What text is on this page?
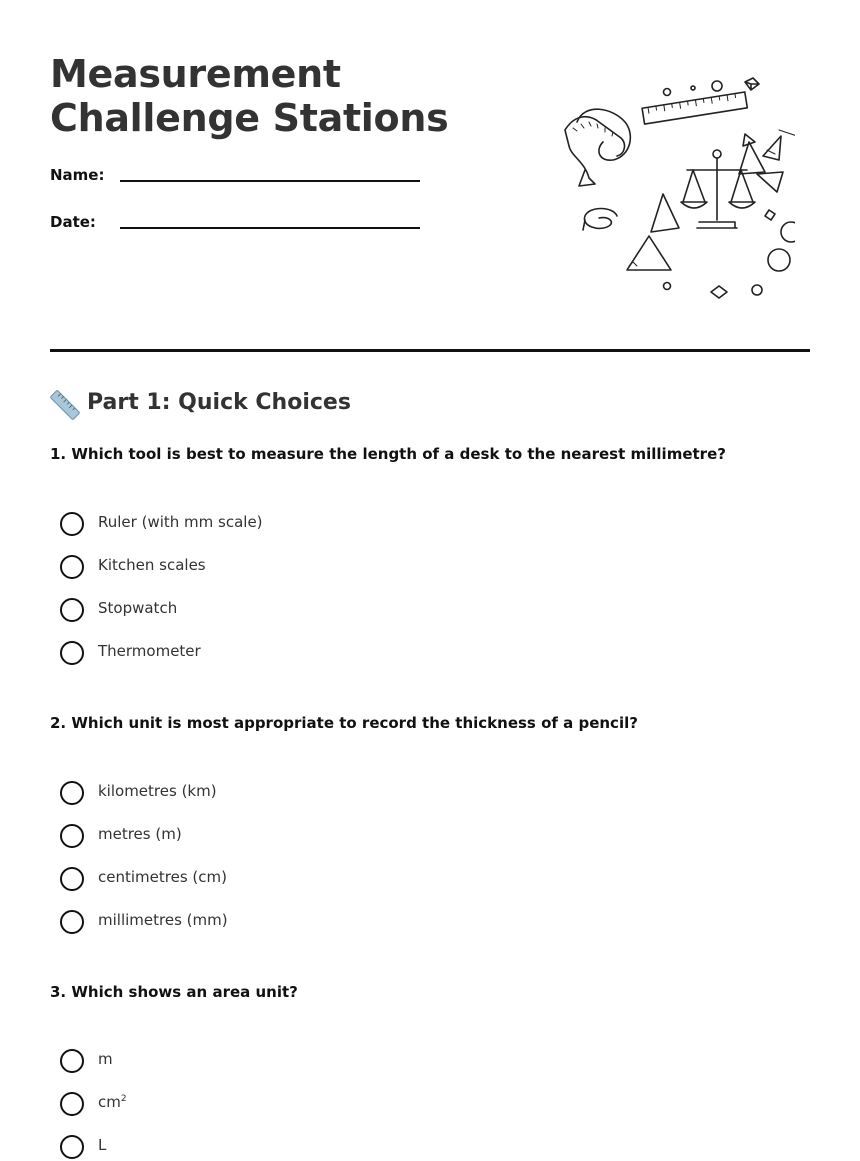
Measurement Challenge Stations
Name:
Date:
Part 1: Quick Choices

1. Which tool is best to measure the length of a desk to the nearest millimetre?

Ruler (with mm scale)
Kitchen scales
Stopwatch
Thermometer

2. Which unit is most appropriate to record the thickness of a pencil?

kilometres (km)
metres (m)
centimetres (cm)
millimetres (mm)

3. Which shows an area unit?

m
$cm^2$
L
